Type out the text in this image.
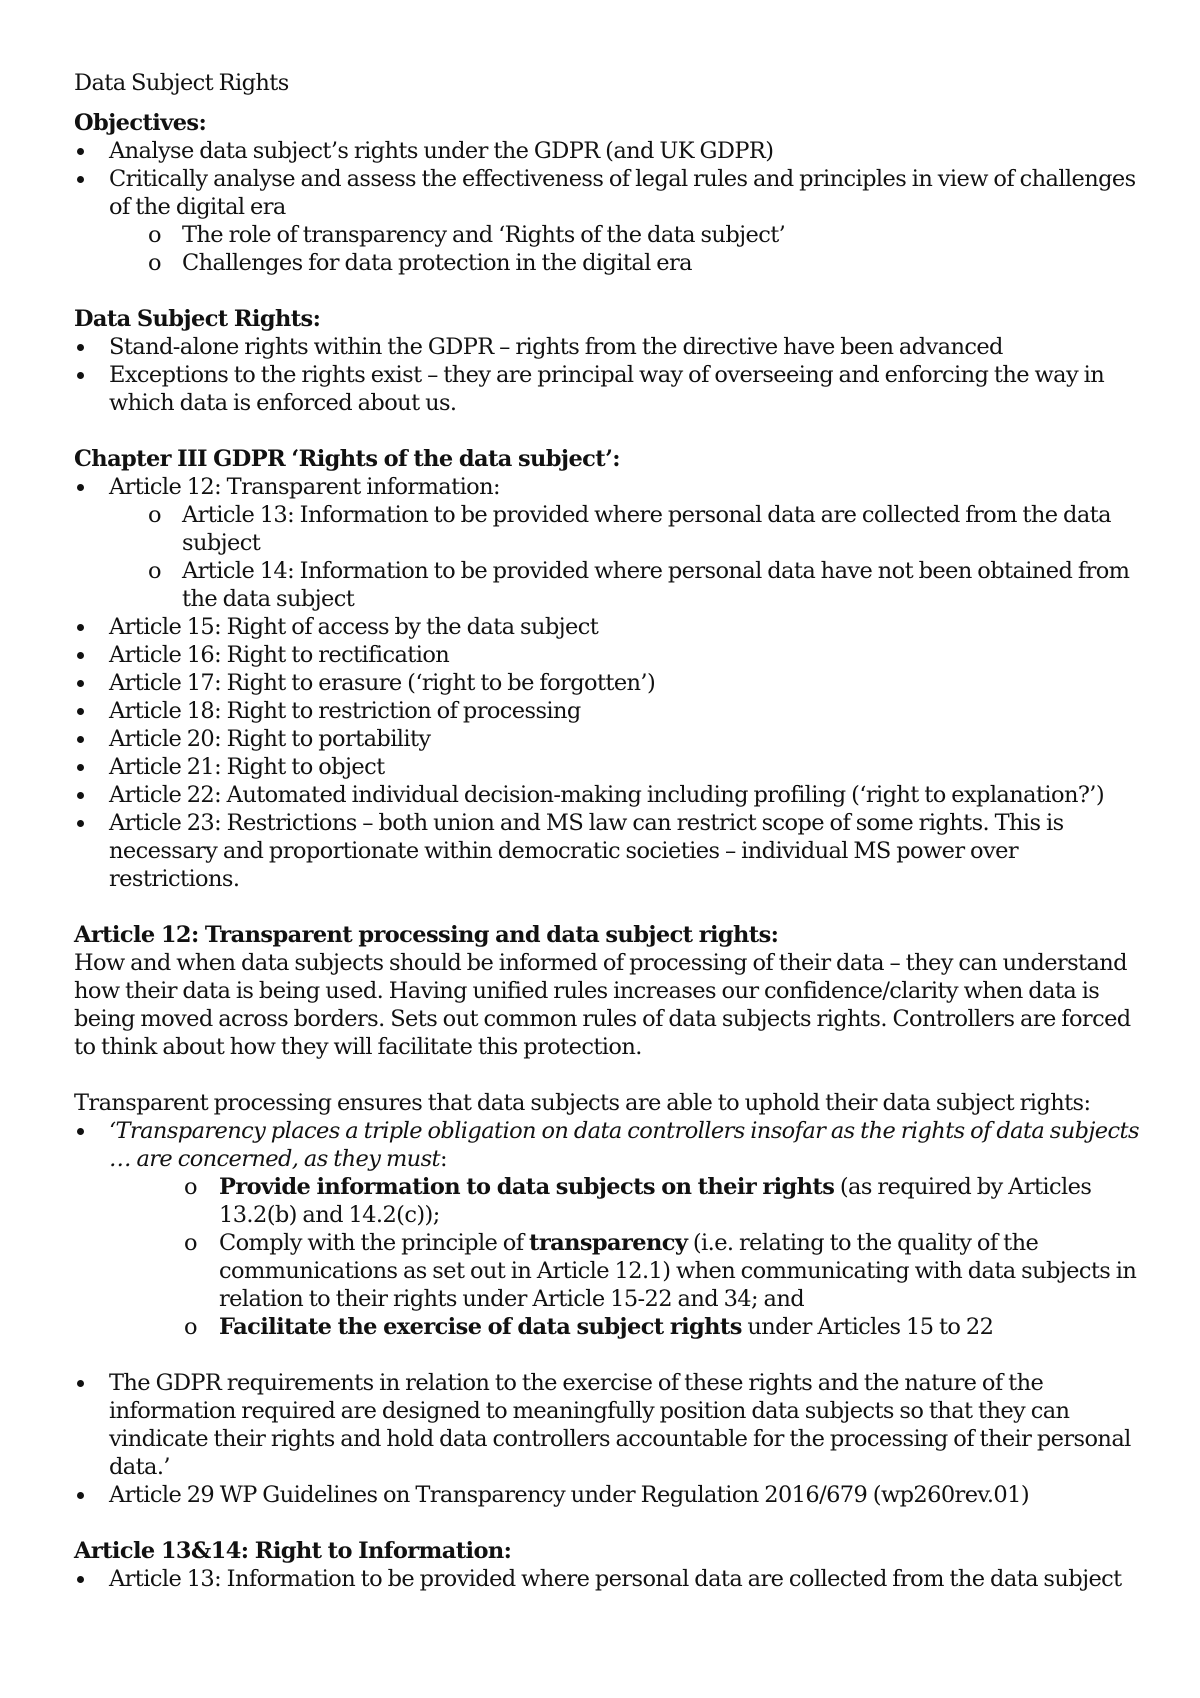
Data Subject Rights

Objectives:

Analyse data subject’s rights under the GDPR (and UK GDPR)
Critically analyse and assess the effectiveness of legal rules and principles in view of challenges of the digital era
o The role of transparency and ‘Rights of the data subject’
o Challenges for data protection in the digital era

Data Subject Rights:

Stand-alone rights within the GDPR – rights from the directive have been advanced
Exceptions to the rights exist – they are principal way of overseeing and enforcing the way in which data is enforced about us.

Chapter III GDPR ‘Rights of the data subject’:

Article 12: Transparent information:
o Article 13: Information to be provided where personal data are collected from the data subject
o Article 14: Information to be provided where personal data have not been obtained from the data subject
Article 15: Right of access by the data subject
Article 16: Right to rectification
Article 17: Right to erasure (‘right to be forgotten’)
Article 18: Right to restriction of processing
Article 20: Right to portability
Article 21: Right to object
Article 22: Automated individual decision-making including profiling (‘right to explanation?’)
Article 23: Restrictions – both union and MS law can restrict scope of some rights. This is necessary and proportionate within democratic societies – individual MS power over restrictions.

Article 12: Transparent processing and data subject rights:

How and when data subjects should be informed of processing of their data – they can understand how their data is being used. Having unified rules increases our confidence/clarity when data is being moved across borders. Sets out common rules of data subjects rights. Controllers are forced to think about how they will facilitate this protection.

Transparent processing ensures that data subjects are able to uphold their data subject rights:

‘Transparency places a triple obligation on data controllers insofar as the rights of data subjects … are concerned, as they must:
o Provide information to data subjects on their rights (as required by Articles 13.2(b) and 14.2(c));
o Comply with the principle of transparency (i.e. relating to the quality of the communications as set out in Article 12.1) when communicating with data subjects in relation to their rights under Article 15-22 and 34; and
o Facilitate the exercise of data subject rights under Articles 15 to 22
The GDPR requirements in relation to the exercise of these rights and the nature of the information required are designed to meaningfully position data subjects so that they can vindicate their rights and hold data controllers accountable for the processing of their personal data.’
Article 29 WP Guidelines on Transparency under Regulation 2016/679 (wp260rev.01)

Article 13&14: Right to Information:

Article 13: Information to be provided where personal data are collected from the data subject
